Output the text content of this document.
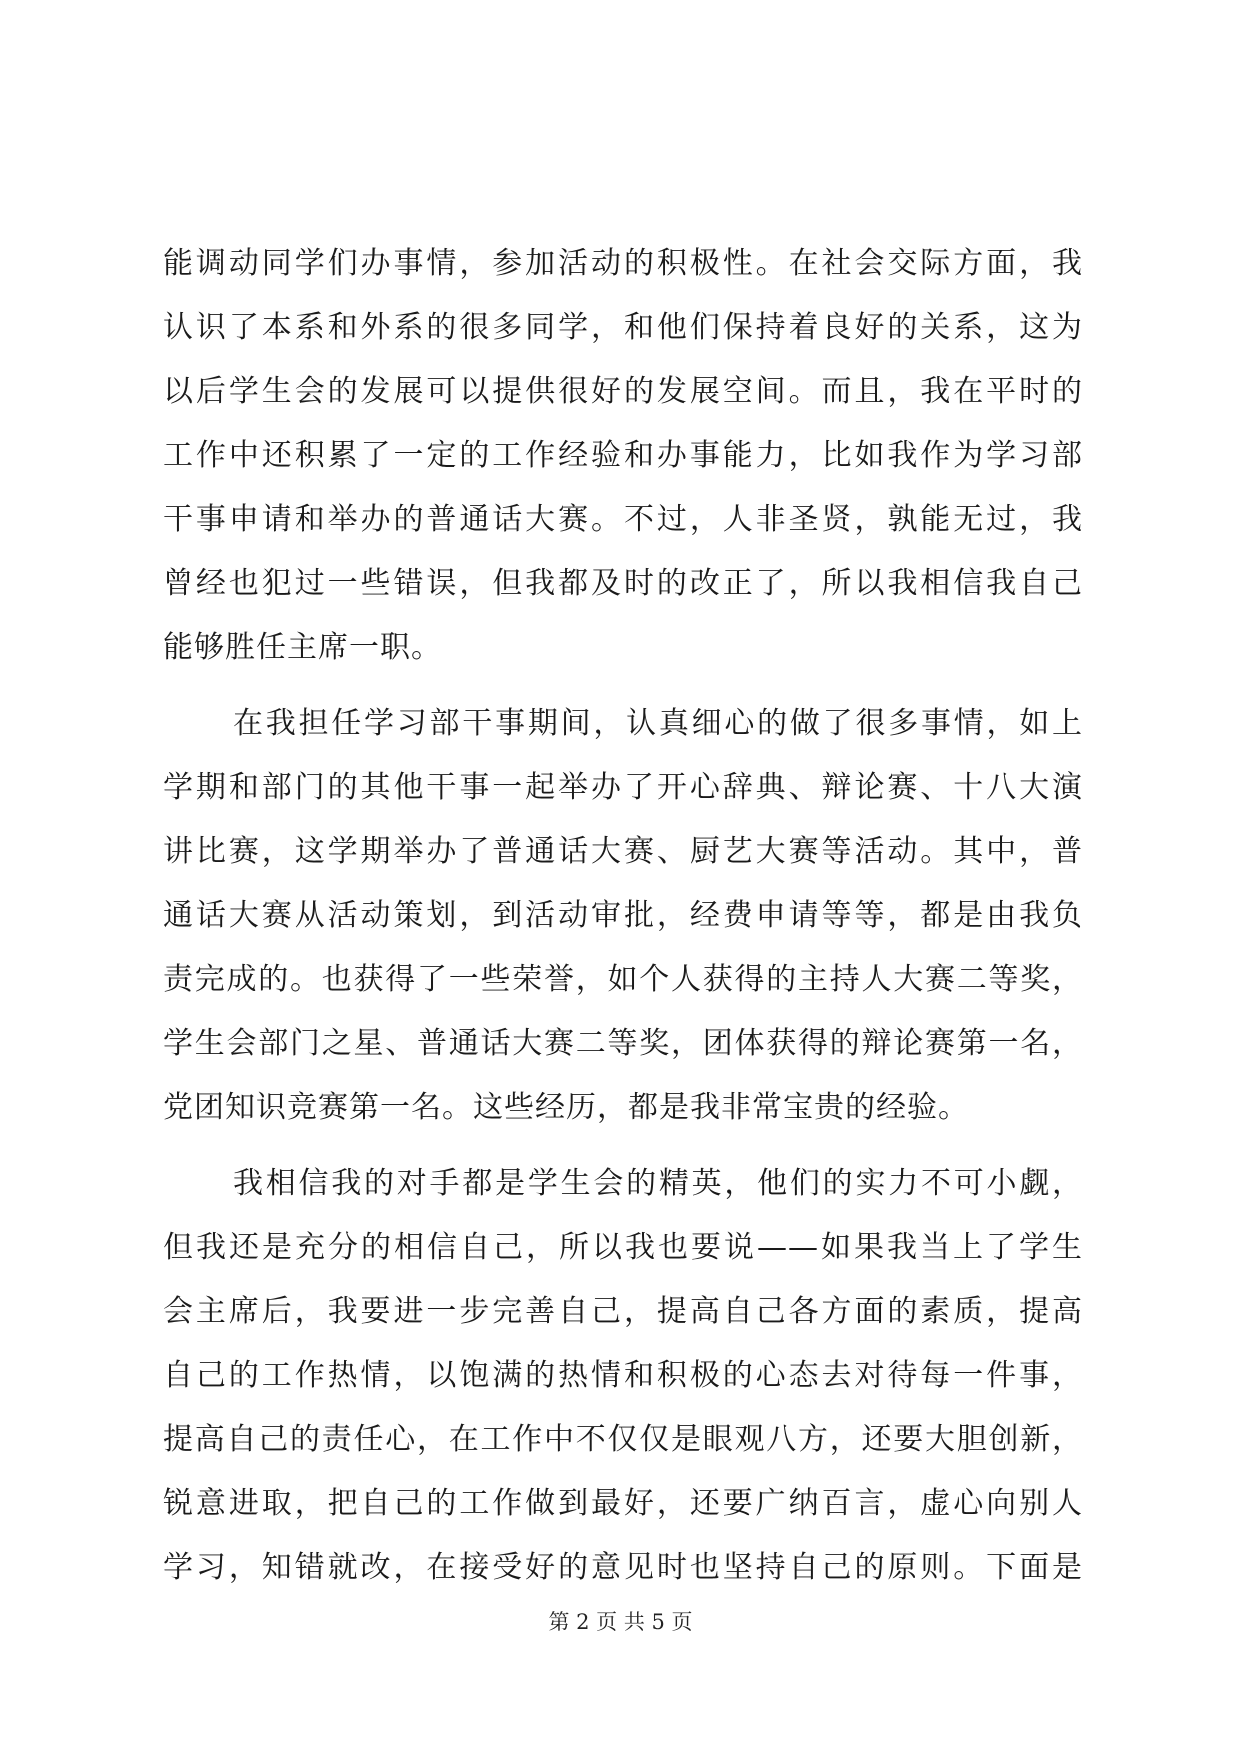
能调动同学们办事情，参加活动的积极性。在社会交际方面，我
认识了本系和外系的很多同学，和他们保持着良好的关系，这为
以后学生会的发展可以提供很好的发展空间。而且，我在平时的
工作中还积累了一定的工作经验和办事能力，比如我作为学习部
干事申请和举办的普通话大赛。不过，人非圣贤，孰能无过，我
曾经也犯过一些错误，但我都及时的改正了，所以我相信我自己
能够胜任主席一职。
在我担任学习部干事期间，认真细心的做了很多事情，如上
学期和部门的其他干事一起举办了开心辞典、辩论赛、十八大演
讲比赛，这学期举办了普通话大赛、厨艺大赛等活动。其中，普
通话大赛从活动策划，到活动审批，经费申请等等，都是由我负
责完成的。也获得了一些荣誉，如个人获得的主持人大赛二等奖，
学生会部门之星、普通话大赛二等奖，团体获得的辩论赛第一名，
党团知识竞赛第一名。这些经历，都是我非常宝贵的经验。
我相信我的对手都是学生会的精英，他们的实力不可小觑，
但我还是充分的相信自己，所以我也要说——如果我当上了学生
会主席后，我要进一步完善自己，提高自己各方面的素质，提高
自己的工作热情，以饱满的热情和积极的心态去对待每一件事，
提高自己的责任心，在工作中不仅仅是眼观八方，还要大胆创新，
锐意进取，把自己的工作做到最好，还要广纳百言，虚心向别人
学习，知错就改，在接受好的意见时也坚持自己的原则。下面是
第 2 页 共 5 页
